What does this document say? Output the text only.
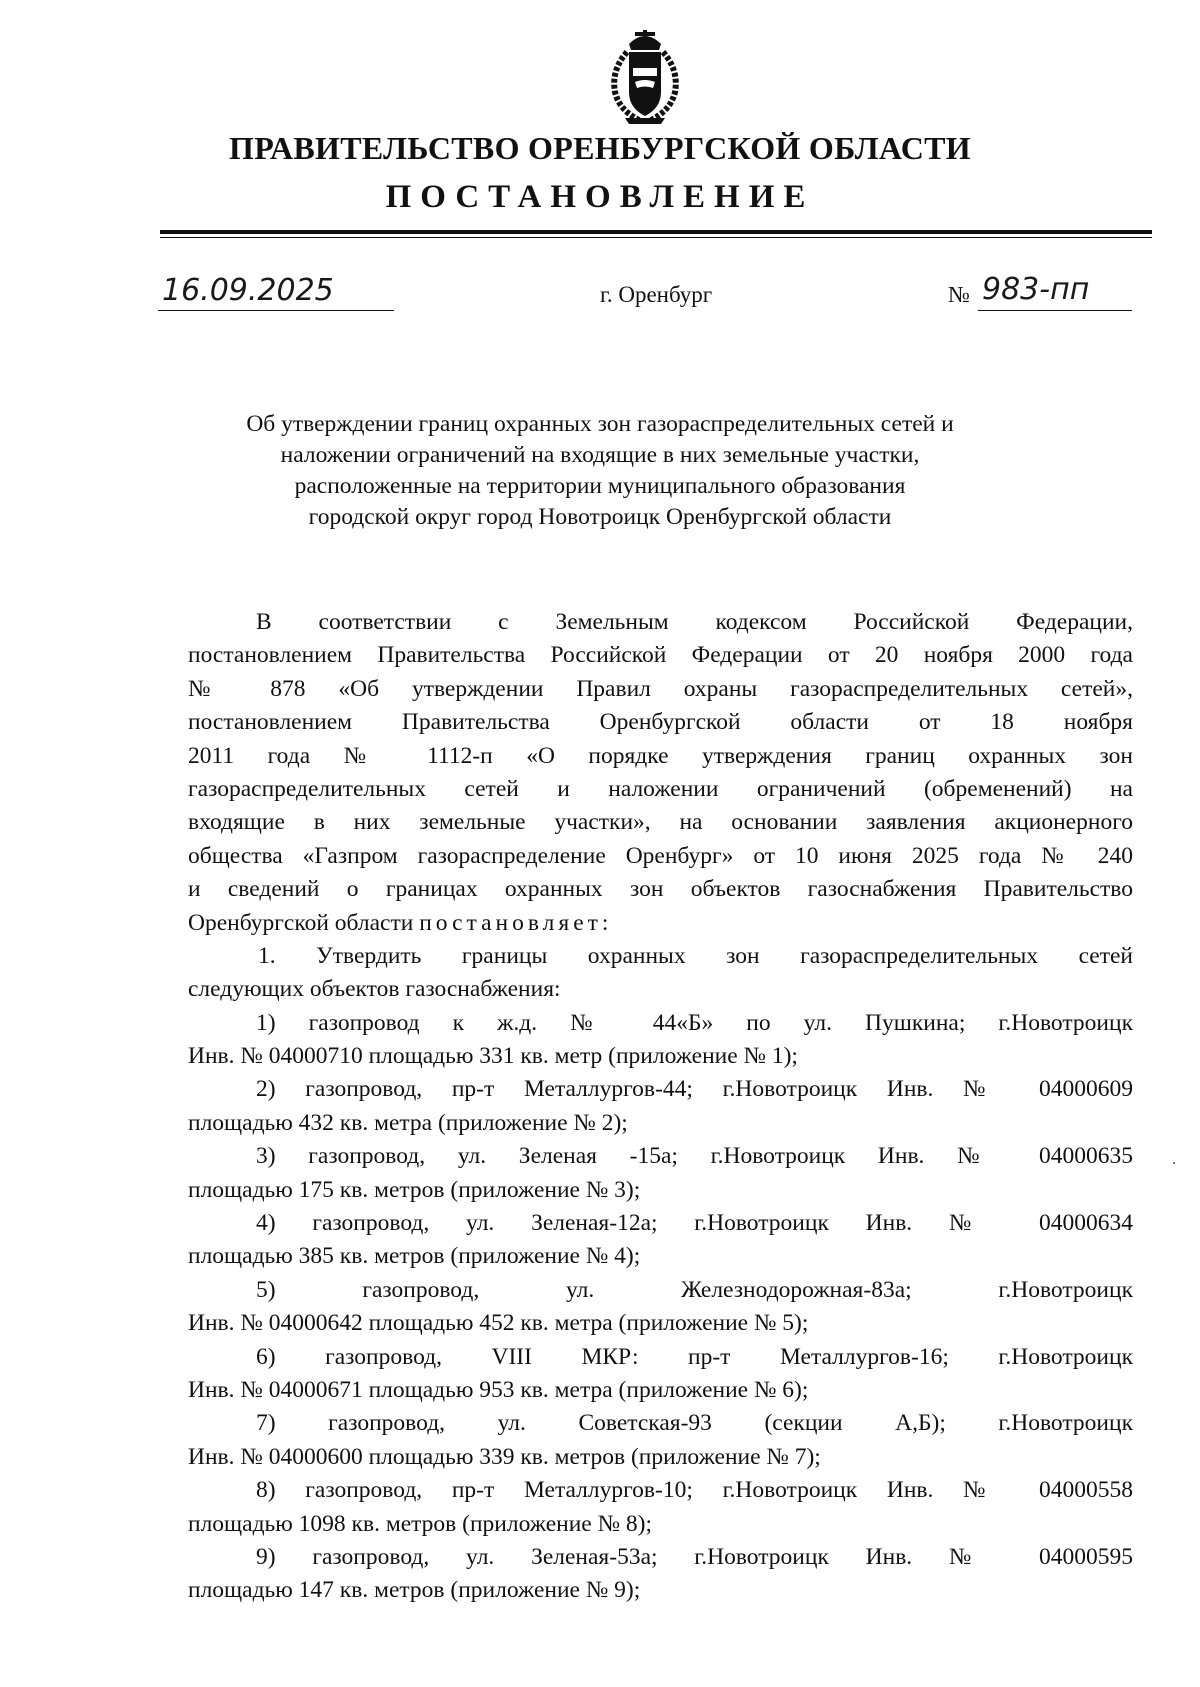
ПРАВИТЕЛЬСТВО ОРЕНБУРГСКОЙ ОБЛАСТИ
ПОСТАНОВЛЕНИЕ
16.09.2025	г. Оренбург	№ 983-пп
Об утверждении границ охранных зон газораспределительных сетей и
наложении ограничений на входящие в них земельные участки,
расположенные на территории муниципального образования
городской округ город Новотроицк Оренбургской области
В соответствии с Земельным кодексом Российской Федерации,
постановлением Правительства Российской Федерации от 20 ноября 2000 года
№ 878 «Об утверждении Правил охраны газораспределительных сетей»,
постановлением Правительства Оренбургской области от 18 ноября
2011 года № 1112-п «О порядке утверждения границ охранных зон
газораспределительных сетей и наложении ограничений (обременений) на
входящие в них земельные участки», на основании заявления акционерного
общества «Газпром газораспределение Оренбург» от 10 июня 2025 года № 240
и сведений о границах охранных зон объектов газоснабжения Правительство
Оренбургской области постановляет:
1. Утвердить границы охранных зон газораспределительных сетей
следующих объектов газоснабжения:
1) газопровод к ж.д. № 44«Б» по ул. Пушкина; г.Новотроицк
Инв. № 04000710 площадью 331 кв. метр (приложение № 1);
2) газопровод, пр-т Металлургов-44; г.Новотроицк Инв. № 04000609
площадью 432 кв. метра (приложение № 2);
3) газопровод, ул. Зеленая -15а; г.Новотроицк Инв. № 04000635
площадью 175 кв. метров (приложение № 3);
4) газопровод, ул. Зеленая-12а; г.Новотроицк Инв. № 04000634
площадью 385 кв. метров (приложение № 4);
5) газопровод, ул. Железнодорожная-83а; г.Новотроицк
Инв. № 04000642 площадью 452 кв. метра (приложение № 5);
6) газопровод, VIII МКР: пр-т Металлургов-16; г.Новотроицк
Инв. № 04000671 площадью 953 кв. метра (приложение № 6);
7) газопровод, ул. Советская-93 (секции А,Б); г.Новотроицк
Инв. № 04000600 площадью 339 кв. метров (приложение № 7);
8) газопровод, пр-т Металлургов-10; г.Новотроицк Инв. № 04000558
площадью 1098 кв. метров (приложение № 8);
9) газопровод, ул. Зеленая-53а; г.Новотроицк Инв. № 04000595
площадью 147 кв. метров (приложение № 9);
